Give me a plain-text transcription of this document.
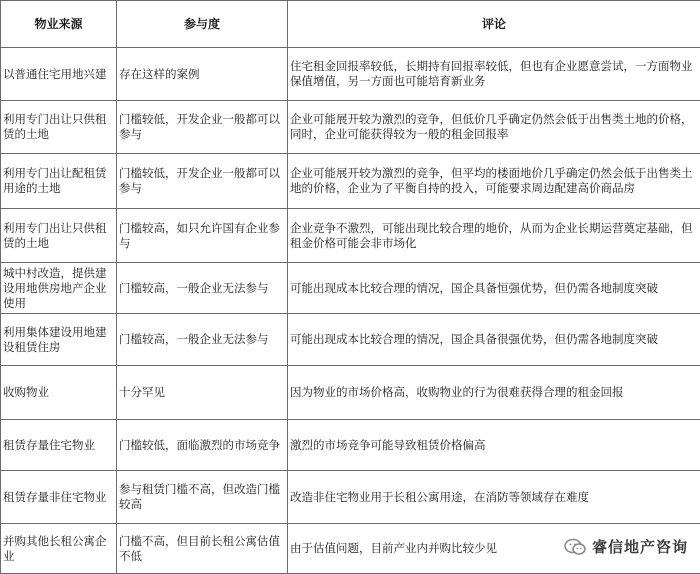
物业来源	参与度	评论
以普通住宅用地兴建	存在这样的案例	住宅租金回报率较低，长期持有回报率较低，但也有企业愿意尝试，一方面物业保值增值，另一方面也可能培育新业务
利用专门出让只供租赁的土地	门槛较低，开发企业一般都可以参与	企业可能展开较为激烈的竞争，但低价几乎确定仍然会低于出售类土地的价格，同时，企业可能获得较为一般的租金回报率
利用专门出让配租赁用途的土地	门槛较低，开发企业一般都可以参与	企业可能展开较为激烈的竞争，但平均的楼面地价几乎确定仍然会低于出售类土地的价格，企业为了平衡自持的投入，可能要求周边配建高价商品房
利用专门出让只供租赁的土地	门槛较高，如只允许国有企业参与	企业竞争不激烈，可能出现比较合理的地价，从而为企业长期运营奠定基础，但租金价格可能会非市场化
城中村改造，提供建设用地供房地产企业使用	门槛较高，一般企业无法参与	可能出现成本比较合理的情况，国企具备恒强优势，但仍需各地制度突破
利用集体建设用地建设租赁住房	门槛较高，一般企业无法参与	可能出现成本比较合理的情况，国企具备很强优势，但仍需各地制度突破
收购物业	十分罕见	因为物业的市场价格高，收购物业的行为很难获得合理的租金回报
租赁存量住宅物业	门槛较低，面临激烈的市场竞争	激烈的市场竞争可能导致租赁价格偏高
租赁存量非住宅物业	参与租赁门槛不高，但改造门槛较高	改造非住宅物业用于长租公寓用途，在消防等领域存在难度
并购其他长租公寓企业	门槛不高，但目前长租公寓估值不低	由于估值问题，目前产业内并购比较少见	睿信地产咨询
